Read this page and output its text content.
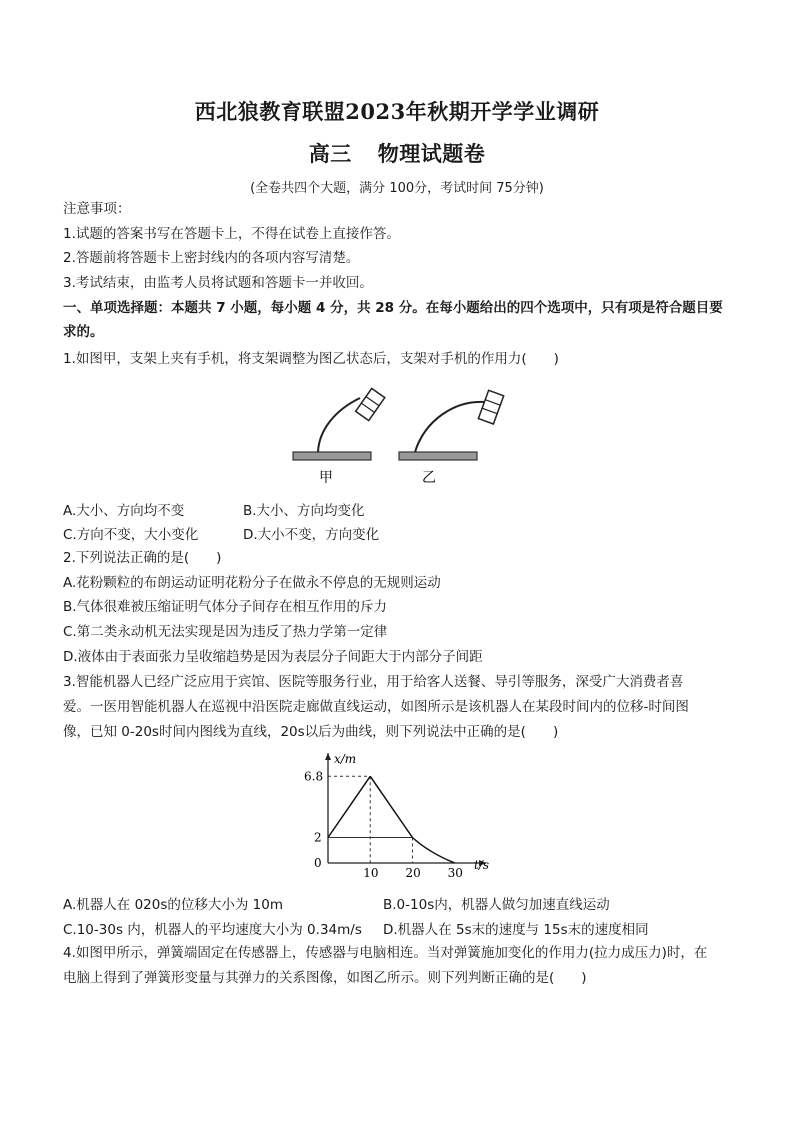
西北狼教育联盟2023年秋期开学学业调研
高三 物理试题卷
(全卷共四个大题，满分 100分，考试时间 75分钟)
注意事项：
1.试题的答案书写在答题卡上，不得在试卷上直接作答。
2.答题前将答题卡上密封线内的各项内容写清楚。
3.考试结束，由监考人员将试题和答题卡一并收回。
一、单项选择题：本题共 7 小题，每小题 4 分，共 28 分。在每小题给出的四个选项中，只有项是符合题目要求的。
1.如图甲，支架上夹有手机，将支架调整为图乙状态后，支架对手机的作用力(　　)
甲	乙
A.大小、方向均不变	B.大小、方向均变化
C.方向不变，大小变化	D.大小不变，方向变化
2.下列说法正确的是(　　)
A.花粉颗粒的布朗运动证明花粉分子在做永不停息的无规则运动
B.气体很难被压缩证明气体分子间存在相互作用的斥力
C.第二类永动机无法实现是因为违反了热力学第一定律
D.液体由于表面张力呈收缩趋势是因为表层分子间距大于内部分子间距
3.智能机器人已经广泛应用于宾馆、医院等服务行业，用于给客人送餐、导引等服务，深受广大消费者喜
爱。一医用智能机器人在巡视中沿医院走廊做直线运动，如图所示是该机器人在某段时间内的位移-时间图
像，已知 0-20s时间内图线为直线，20s以后为曲线，则下列说法中正确的是(　　)
x/m
t/s
0
2
6.8
10 20 30
A.机器人在 020s的位移大小为 10m	B.0-10s内，机器人做匀加速直线运动
C.10-30s 内，机器人的平均速度大小为 0.34m/s D.机器人在 5s末的速度与 15s末的速度相同
4.如图甲所示，弹簧端固定在传感器上，传感器与电脑相连。当对弹簧施加变化的作用力(拉力成压力)时，在
电脑上得到了弹簧形变量与其弹力的关系图像，如图乙所示。则下列判断正确的是(　　)
